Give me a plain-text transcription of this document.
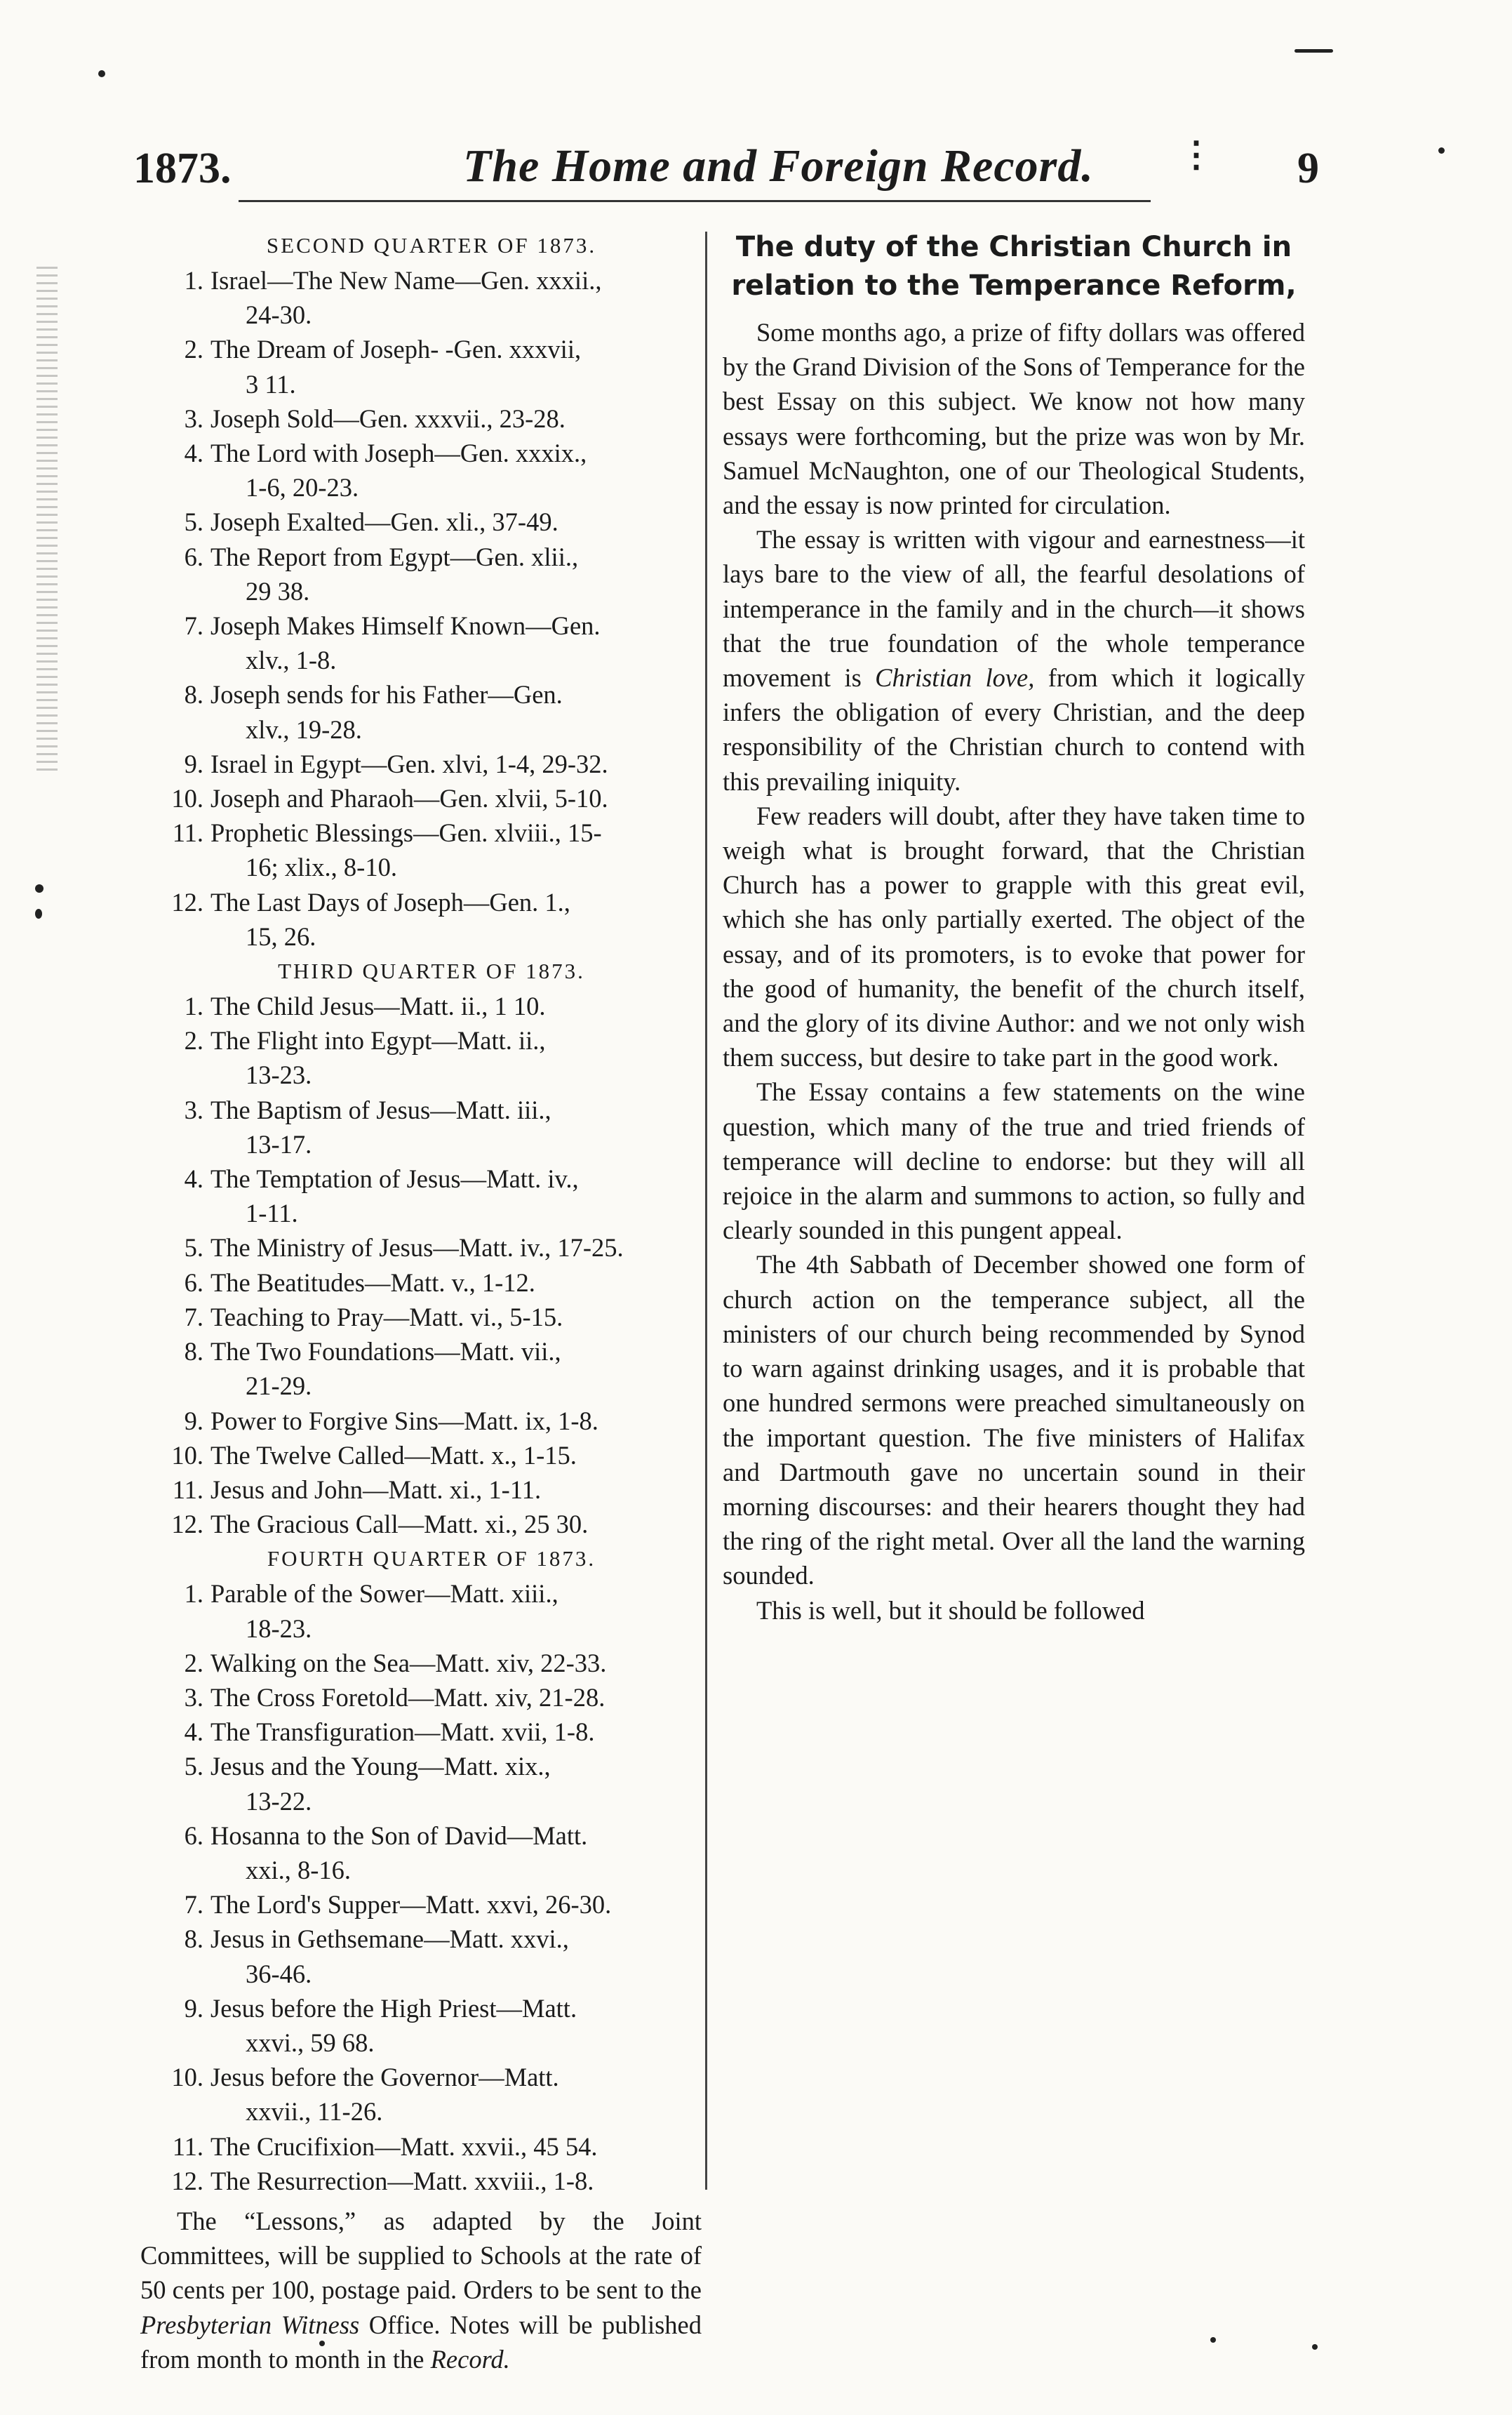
1873.	The Home and Foreign Record. ⋮ 9
SECOND QUARTER OF 1873.
1. Israel—The New Name—Gen. xxxii.,
24-30.
2. The Dream of Joseph- -Gen. xxxvii,
3 11.
3. Joseph Sold—Gen. xxxvii., 23-28.
4. The Lord with Joseph—Gen. xxxix.,
1-6, 20-23.
5. Joseph Exalted—Gen. xli., 37-49.
6. The Report from Egypt—Gen. xlii.,
29 38.
7. Joseph Makes Himself Known—Gen.
xlv., 1-8.
8. Joseph sends for his Father—Gen.
xlv., 19-28.
9. Israel in Egypt—Gen. xlvi, 1-4, 29-32.
10. Joseph and Pharaoh—Gen. xlvii, 5-10.
11. Prophetic Blessings—Gen. xlviii., 15-
16; xlix., 8-10.
12. The Last Days of Joseph—Gen. 1.,
15, 26.
THIRD QUARTER OF 1873.
1. The Child Jesus—Matt. ii., 1 10.
2. The Flight into Egypt—Matt. ii.,
13-23.
3. The Baptism of Jesus—Matt. iii.,
13-17.
4. The Temptation of Jesus—Matt. iv.,
1-11.
5. The Ministry of Jesus—Matt. iv., 17-25.
6. The Beatitudes—Matt. v., 1-12.
7. Teaching to Pray—Matt. vi., 5-15.
8. The Two Foundations—Matt. vii.,
21-29.
9. Power to Forgive Sins—Matt. ix, 1-8.
10. The Twelve Called—Matt. x., 1-15.
11. Jesus and John—Matt. xi., 1-11.
12. The Gracious Call—Matt. xi., 25 30.
FOURTH QUARTER OF 1873.
1. Parable of the Sower—Matt. xiii.,
18-23.
2. Walking on the Sea—Matt. xiv, 22-33.
3. The Cross Foretold—Matt. xiv, 21-28.
4. The Transfiguration—Matt. xvii, 1-8.
5. Jesus and the Young—Matt. xix.,
13-22.
6. Hosanna to the Son of David—Matt.
xxi., 8-16.
7. The Lord's Supper—Matt. xxvi, 26-30.
8. Jesus in Gethsemane—Matt. xxvi.,
36-46.
9. Jesus before the High Priest—Matt.
xxvi., 59 68.
10. Jesus before the Governor—Matt.
xxvii., 11-26.
11. The Crucifixion—Matt. xxvii., 45 54.
12. The Resurrection—Matt. xxviii., 1-8.

The “Lessons,” as adapted by the Joint Committees, will be supplied to Schools at the rate of 50 cents per 100, postage paid. Orders to be sent to the Presbyterian Witness Office. Notes will be published from month to month in the Record.

The duty of the Christian Church in relation to the Temperance Reform,

Some months ago, a prize of fifty dollars was offered by the Grand Division of the Sons of Temperance for the best Essay on this subject. We know not how many essays were forthcoming, but the prize was won by Mr. Samuel McNaughton, one of our Theological Students, and the essay is now printed for circulation.

The essay is written with vigour and earnestness—it lays bare to the view of all, the fearful desolations of intemperance in the family and in the church—it shows that the true foundation of the whole temperance movement is Christian love, from which it logically infers the obligation of every Christian, and the deep responsibility of the Christian church to contend with this prevailing iniquity.

Few readers will doubt, after they have taken time to weigh what is brought forward, that the Christian Church has a power to grapple with this great evil, which she has only partially exerted. The object of the essay, and of its promoters, is to evoke that power for the good of humanity, the benefit of the church itself, and the glory of its divine Author: and we not only wish them success, but desire to take part in the good work.

The Essay contains a few statements on the wine question, which many of the true and tried friends of temperance will decline to endorse: but they will all rejoice in the alarm and summons to action, so fully and clearly sounded in this pungent appeal.

The 4th Sabbath of December showed one form of church action on the temperance subject, all the ministers of our church being recommended by Synod to warn against drinking usages, and it is probable that one hundred sermons were preached simultaneously on the important question. The five ministers of Halifax and Dartmouth gave no uncertain sound in their morning discourses: and their hearers thought they had the ring of the right metal. Over all the land the warning sounded.

This is well, but it should be followed
